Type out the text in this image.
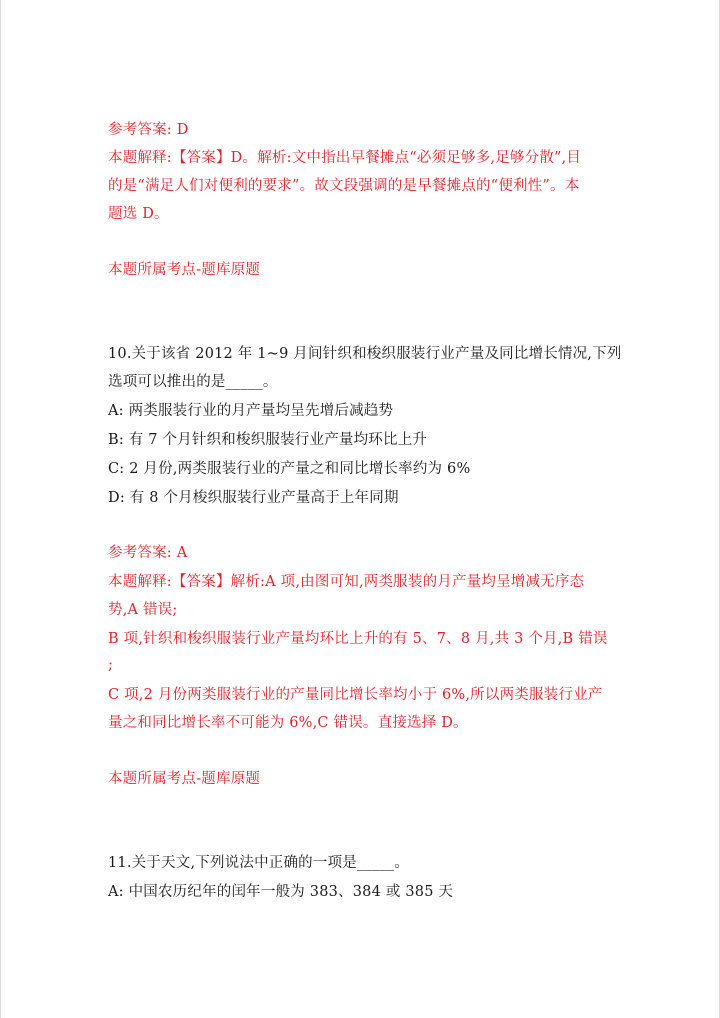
参考答案: D
本题解释:【答案】D。解析:文中指出早餐摊点“必须足够多,足够分散”,目
的是“满足人们对便利的要求”。故文段强调的是早餐摊点的“便利性”。本
题选 D。
本题所属考点-题库原题
10.关于该省 2012 年 1~9 月间针织和梭织服装行业产量及同比增长情况,下列
选项可以推出的是_____。
A: 两类服装行业的月产量均呈先增后减趋势
B: 有 7 个月针织和梭织服装行业产量均环比上升
C: 2 月份,两类服装行业的产量之和同比增长率约为 6%
D: 有 8 个月梭织服装行业产量高于上年同期
参考答案: A
本题解释:【答案】解析:A 项,由图可知,两类服装的月产量均呈增减无序态
势,A 错误;
B 项,针织和梭织服装行业产量均环比上升的有 5、7、8 月,共 3 个月,B 错误
;
C 项,2 月份两类服装行业的产量同比增长率均小于 6%,所以两类服装行业产
量之和同比增长率不可能为 6%,C 错误。直接选择 D。
本题所属考点-题库原题
11.关于天文,下列说法中正确的一项是_____。
A: 中国农历纪年的闰年一般为 383、384 或 385 天
